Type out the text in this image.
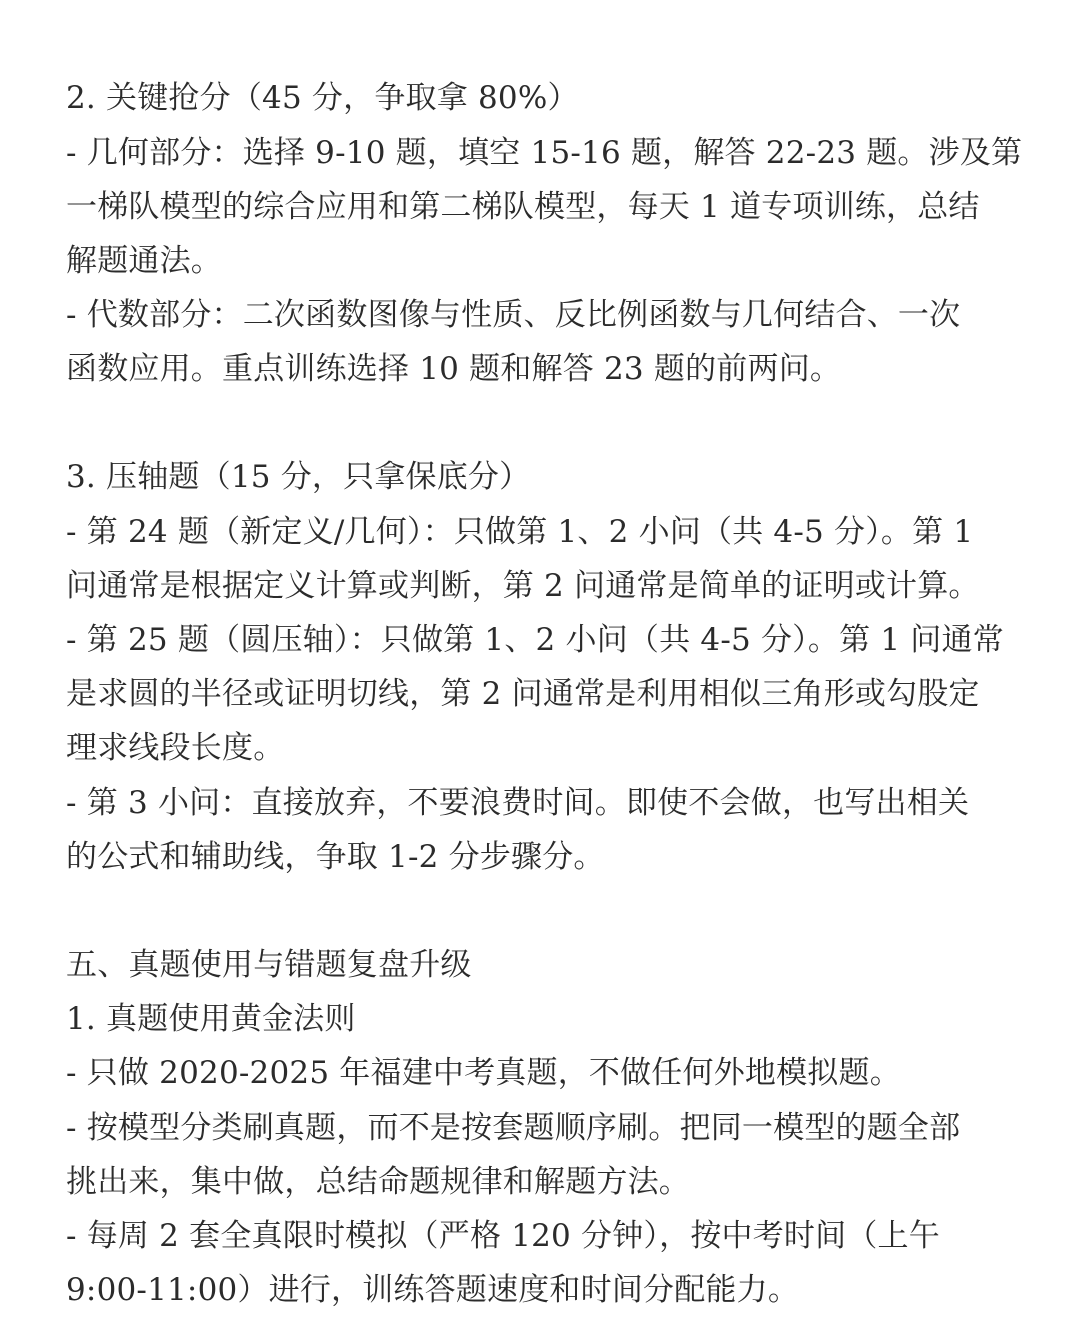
2. 关键抢分（45 分，争取拿 80%）
- 几何部分：选择 9-10 题，填空 15-16 题，解答 22-23 题。涉及第
一梯队模型的综合应用和第二梯队模型，每天 1 道专项训练，总结
解题通法。
- 代数部分：二次函数图像与性质、反比例函数与几何结合、一次
函数应用。重点训练选择 10 题和解答 23 题的前两问。
3. 压轴题（15 分，只拿保底分）
- 第 24 题（新定义/几何）：只做第 1、2 小问（共 4-5 分）。第 1
问通常是根据定义计算或判断，第 2 问通常是简单的证明或计算。
- 第 25 题（圆压轴）：只做第 1、2 小问（共 4-5 分）。第 1 问通常
是求圆的半径或证明切线，第 2 问通常是利用相似三角形或勾股定
理求线段长度。
- 第 3 小问：直接放弃，不要浪费时间。即使不会做，也写出相关
的公式和辅助线，争取 1-2 分步骤分。
五、真题使用与错题复盘升级
1. 真题使用黄金法则
- 只做 2020-2025 年福建中考真题，不做任何外地模拟题。
- 按模型分类刷真题，而不是按套题顺序刷。把同一模型的题全部
挑出来，集中做，总结命题规律和解题方法。
- 每周 2 套全真限时模拟（严格 120 分钟），按中考时间（上午
9:00-11:00）进行，训练答题速度和时间分配能力。
